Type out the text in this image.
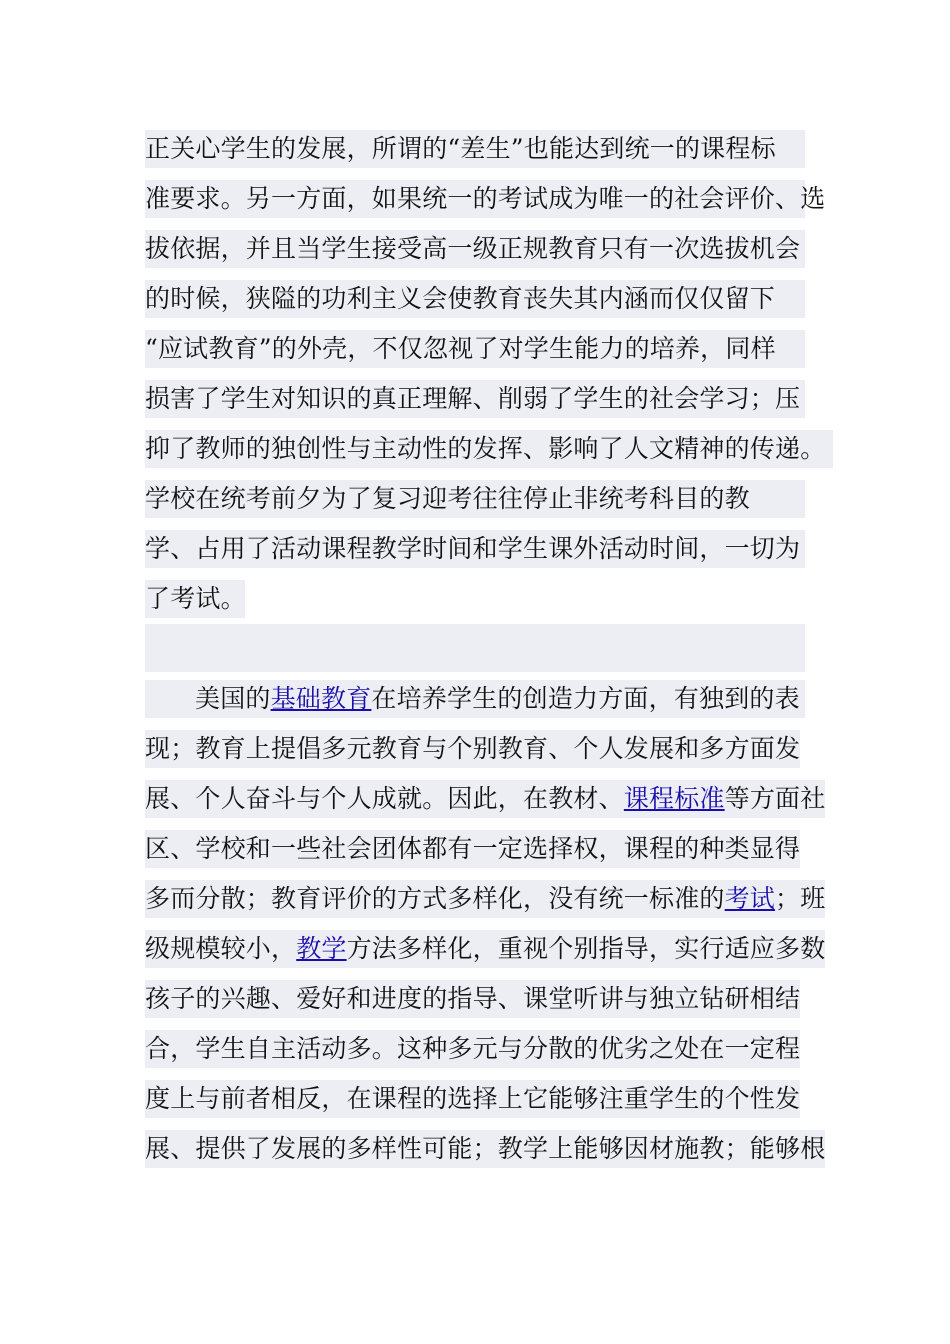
正关心学生的发展，所谓的“差生”也能达到统一的课程标
准要求。另一方面，如果统一的考试成为唯一的社会评价、选
拔依据，并且当学生接受高一级正规教育只有一次选拔机会
的时候，狭隘的功利主义会使教育丧失其内涵而仅仅留下
“应试教育”的外壳，不仅忽视了对学生能力的培养，同样
损害了学生对知识的真正理解、削弱了学生的社会学习；压
抑了教师的独创性与主动性的发挥、影响了人文精神的传递。
学校在统考前夕为了复习迎考往往停止非统考科目的教
学、占用了活动课程教学时间和学生课外活动时间，一切为
了考试。
美国的基础教育在培养学生的创造力方面，有独到的表
现；教育上提倡多元教育与个别教育、个人发展和多方面发
展、个人奋斗与个人成就。因此，在教材、课程标准等方面社
区、学校和一些社会团体都有一定选择权，课程的种类显得
多而分散；教育评价的方式多样化，没有统一标准的考试；班
级规模较小，教学方法多样化，重视个别指导，实行适应多数
孩子的兴趣、爱好和进度的指导、课堂听讲与独立钻研相结
合，学生自主活动多。这种多元与分散的优劣之处在一定程
度上与前者相反，在课程的选择上它能够注重学生的个性发
展、提供了发展的多样性可能；教学上能够因材施教；能够根
